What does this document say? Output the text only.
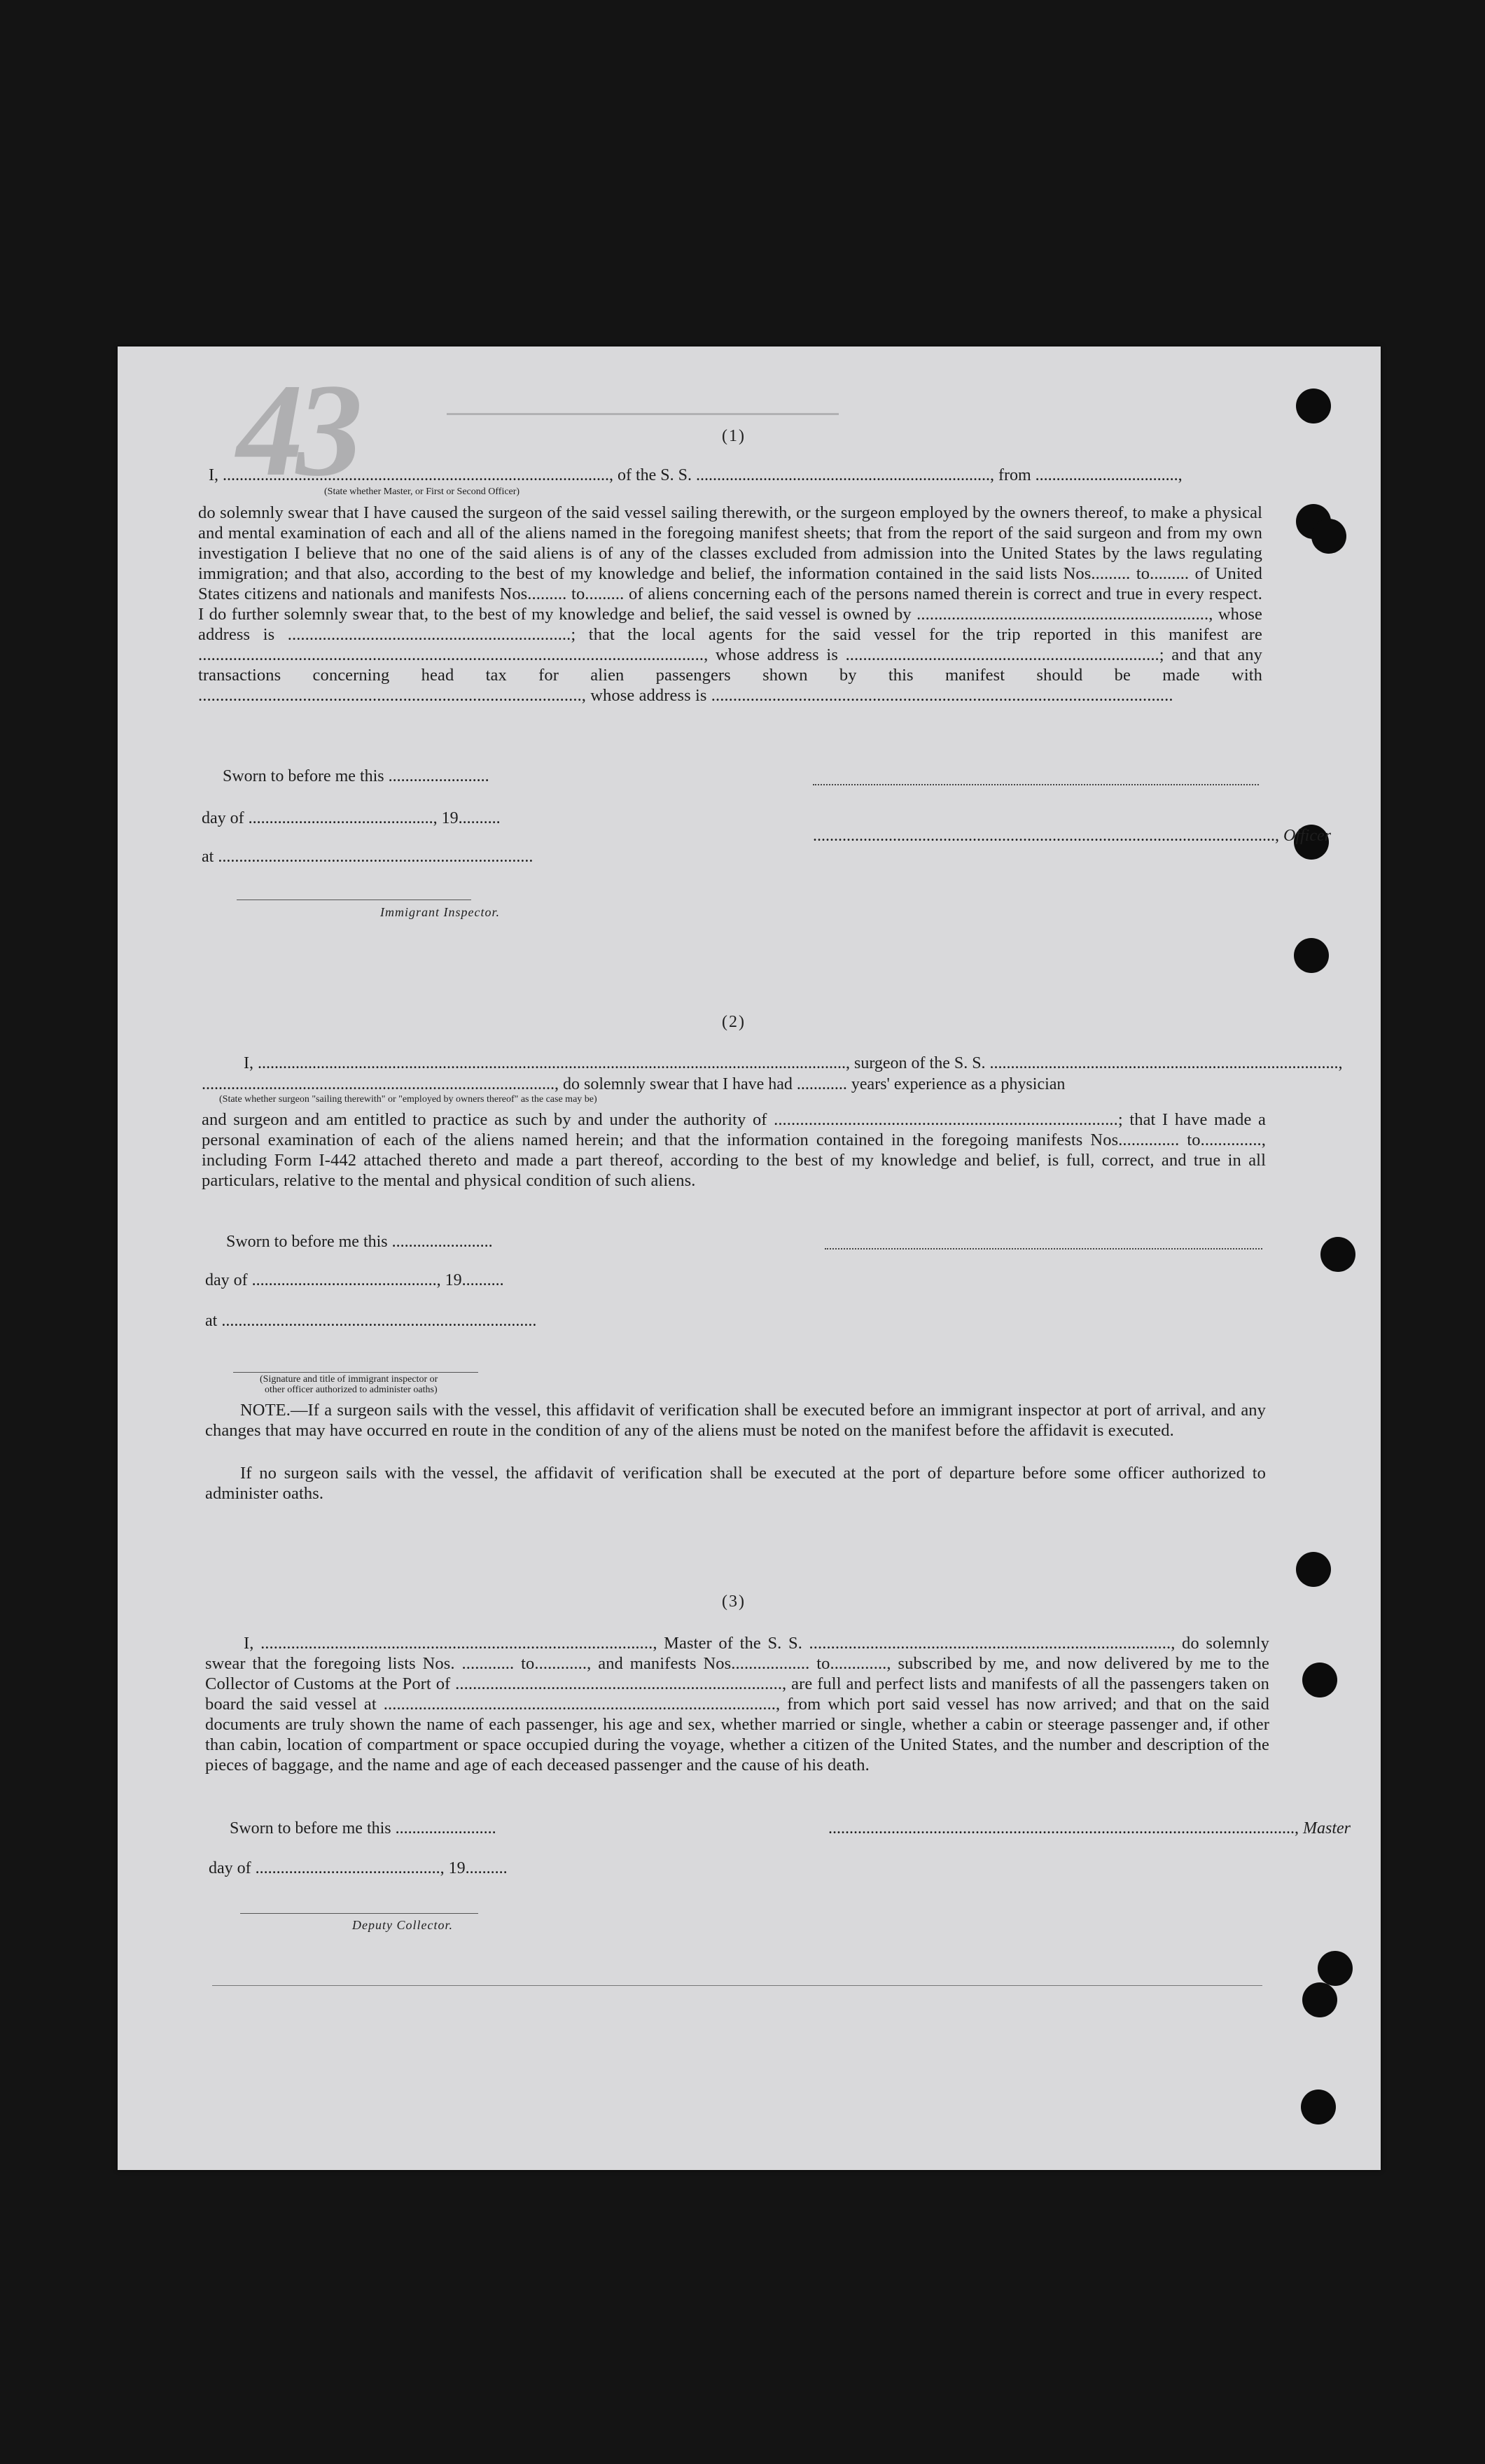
43	(1)
I, ............................................................................................, of the S. S. ......................................................................, from ..................................,
(State whether Master, or First or Second Officer)
do solemnly swear that I have caused the surgeon of the said vessel sailing therewith, or the surgeon employed by the owners thereof, to make a physical and mental examination of each and all of the aliens named in the foregoing manifest sheets; that from the report of the said surgeon and from my own investigation I believe that no one of the said aliens is of any of the classes excluded from admission into the United States by the laws regulating immigration; and that also, according to the best of my knowledge and belief, the information contained in the said lists Nos......... to......... of United States citizens and nationals and manifests Nos......... to......... of aliens concerning each of the persons named therein is correct and true in every respect. I do further solemnly swear that, to the best of my knowledge and belief, the said vessel is owned by ..................................................................., whose address is .................................................................; that the local agents for the said vessel for the trip reported in this manifest are ...................................................................................................................., whose address is ........................................................................; and that any transactions concerning head tax for alien passengers shown by this manifest should be made with ........................................................................................, whose address is ..........................................................................................................
Sworn to before me this ........................
day of ............................................, 19..........
at ...........................................................................
.............................................................................................................., Officer
Immigrant Inspector.
(2)
I, ............................................................................................................................................, surgeon of the S. S. ...................................................................................,
...................................................................................., do solemnly swear that I have had ............ years' experience as a physician
(State whether surgeon "sailing therewith" or "employed by owners thereof" as the case may be)
and surgeon and am entitled to practice as such by and under the authority of ...............................................................................; that I have made a personal examination of each of the aliens named herein; and that the information contained in the foregoing manifests Nos.............. to.............., including Form I-442 attached thereto and made a part thereof, according to the best of my knowledge and belief, is full, correct, and true in all particulars, relative to the mental and physical condition of such aliens.
Sworn to before me this ........................
day of ............................................, 19..........
at ...........................................................................
(Signature and title of immigrant inspector or
other officer authorized to administer oaths)
NOTE.—If a surgeon sails with the vessel, this affidavit of verification shall be executed before an immigrant inspector at port of arrival, and any changes that may have occurred en route in the condition of any of the aliens must be noted on the manifest before the affidavit is executed.
If no surgeon sails with the vessel, the affidavit of verification shall be executed at the port of departure before some officer authorized to administer oaths.
(3)
I, .........................................................................................., Master of the S. S. ..................................................................................., do solemnly swear that the foregoing lists Nos. ............ to............, and manifests Nos.................. to............., subscribed by me, and now delivered by me to the Collector of Customs at the Port of ..........................................................................., are full and perfect lists and manifests of all the passengers taken on board the said vessel at .........................................................................................., from which port said vessel has now arrived; and that on the said documents are truly shown the name of each passenger, his age and sex, whether married or single, whether a cabin or steerage passenger and, if other than cabin, location of compartment or space occupied during the voyage, whether a citizen of the United States, and the number and description of the pieces of baggage, and the name and age of each deceased passenger and the cause of his death.
Sworn to before me this ........................	..............................................................................................................., Master
day of ............................................, 19..........
Deputy Collector.
